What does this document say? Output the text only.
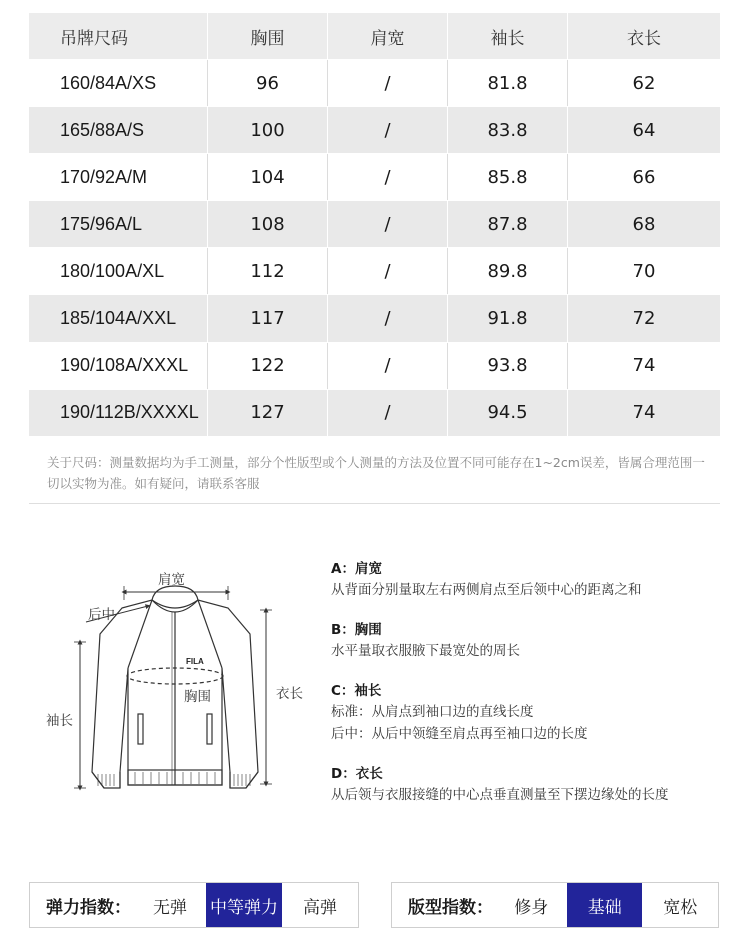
吊牌尺码	胸围	肩宽	袖长	衣长
160/84A/XS	96	/	81.8	62
165/88A/S	100	/	83.8	64
170/92A/M	104	/	85.8	66
175/96A/L	108	/	87.8	68
180/100A/XL	112	/	89.8	70
185/104A/XXL	117	/	91.8	72
190/108A/XXXL	122	/	93.8	74
190/112B/XXXXL	127	/	94.5	74
关于尺码：测量数据均为手工测量，部分个性版型或个人测量的方法及位置不同可能存在1~2cm误差，皆属合理范围一切以实物为准。如有疑问，请联系客服
FILA
肩宽
后中
胸围	衣长
袖长
A：肩宽
从背面分别量取左右两侧肩点至后领中心的距离之和
B：胸围
水平量取衣服腋下最宽处的周长
C：袖长
标准：从肩点到袖口边的直线长度
后中：从后中领缝至肩点再至袖口边的长度
D：衣长
从后领与衣服接缝的中心点垂直测量至下摆边缘处的长度
弹力指数：	无弹	中等弹力	高弹	版型指数：	修身	基础	宽松
